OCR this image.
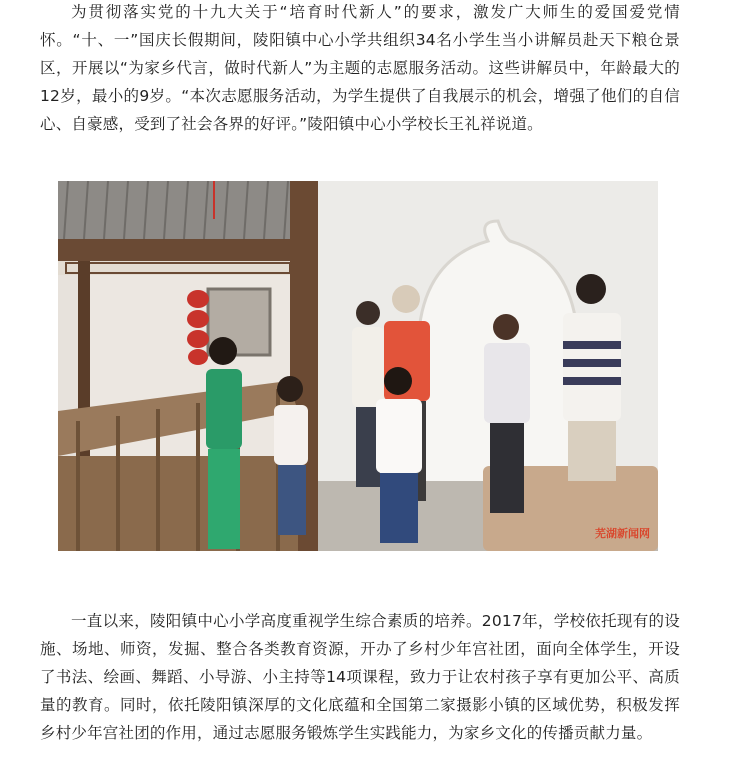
为贯彻落实党的十九大关于“培育时代新人”的要求，激发广大师生的爱国爱党情怀。“十、一”国庆长假期间，陵阳镇中心小学共组织34名小学生当小讲解员赴天下粮仓景区，开展以“为家乡代言，做时代新人”为主题的志愿服务活动。这些讲解员中，年龄最大的12岁，最小的9岁。“本次志愿服务活动，为学生提供了自我展示的机会，增强了他们的自信心、自豪感，受到了社会各界的好评。”陵阳镇中心小学校长王礼祥说道。

芜湖新闻网

一直以来，陵阳镇中心小学高度重视学生综合素质的培养。2017年，学校依托现有的设施、场地、师资，发掘、整合各类教育资源，开办了乡村少年宫社团，面向全体学生，开设了书法、绘画、舞蹈、小导游、小主持等14项课程，致力于让农村孩子享有更加公平、高质量的教育。同时，依托陵阳镇深厚的文化底蕴和全国第二家摄影小镇的区域优势，积极发挥乡村少年宫社团的作用，通过志愿服务锻炼学生实践能力，为家乡文化的传播贡献力量。
